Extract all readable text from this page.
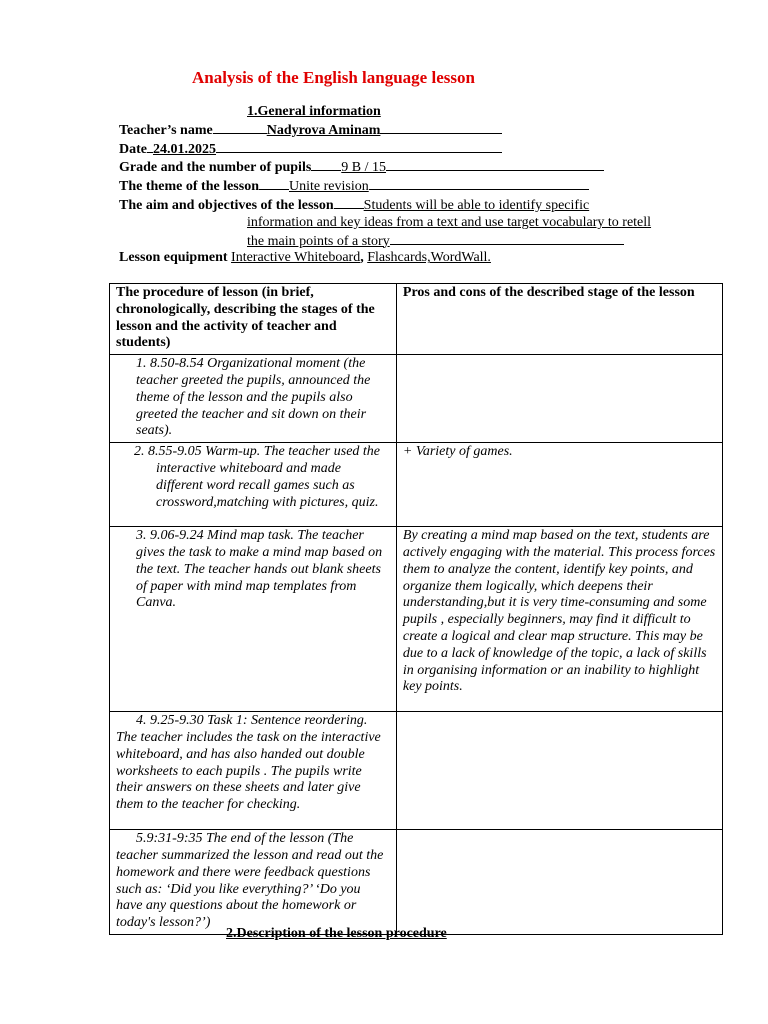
Analysis of the English language lesson
1.General information
Teacher’s name	Nadyrova Aminam
Date 24.01.2025
Grade and the number of pupils 9 B / 15
The theme of the lesson Unite revision
The aim and objectives of the lesson Students will be able to identify specific
information and key ideas from a text and use target vocabulary to retell
the main points of a story
Lesson equipment Interactive Whiteboard, Flashcards,WordWall.
The procedure of lesson (in brief, chronologically, describing the stages of the lesson and the activity of teacher and students)	Pros and cons of the described stage of the lesson

1. 8.50-8.54 Organizational moment (the teacher greeted the pupils, announced the theme of the lesson and the pupils also greeted the teacher and sit down on their seats).	

2. 8.55-9.05 Warm-up. The teacher used the interactive whiteboard and made different word recall games such as crossword,matching with pictures, quiz.	+ Variety of games.

3. 9.06-9.24 Mind map task. The teacher gives the task to make a mind map based on the text. The teacher hands out blank sheets of paper with mind map templates from Canva.	By creating a mind map based on the text, students are actively engaging with the material. This process forces them to analyze the content, identify key points, and organize them logically, which deepens their understanding,but it is very time-consuming and some pupils , especially beginners, may find it difficult to create a logical and clear map structure. This may be due to a lack of knowledge of the topic, a lack of skills in organising information or an inability to highlight key points.

4. 9.25-9.30 Task 1: Sentence reordering. The teacher includes the task on the interactive whiteboard, and has also handed out double worksheets to each pupils . The pupils write their answers on these sheets and later give them to the teacher for checking.	

5.9:31-9:35 The end of the lesson (The teacher summarized the lesson and read out the homework and there were feedback questions such as: ‘Did you like everything?’ ‘Do you have any questions about the homework or today's lesson?’)	

2.Description of the lesson procedure
